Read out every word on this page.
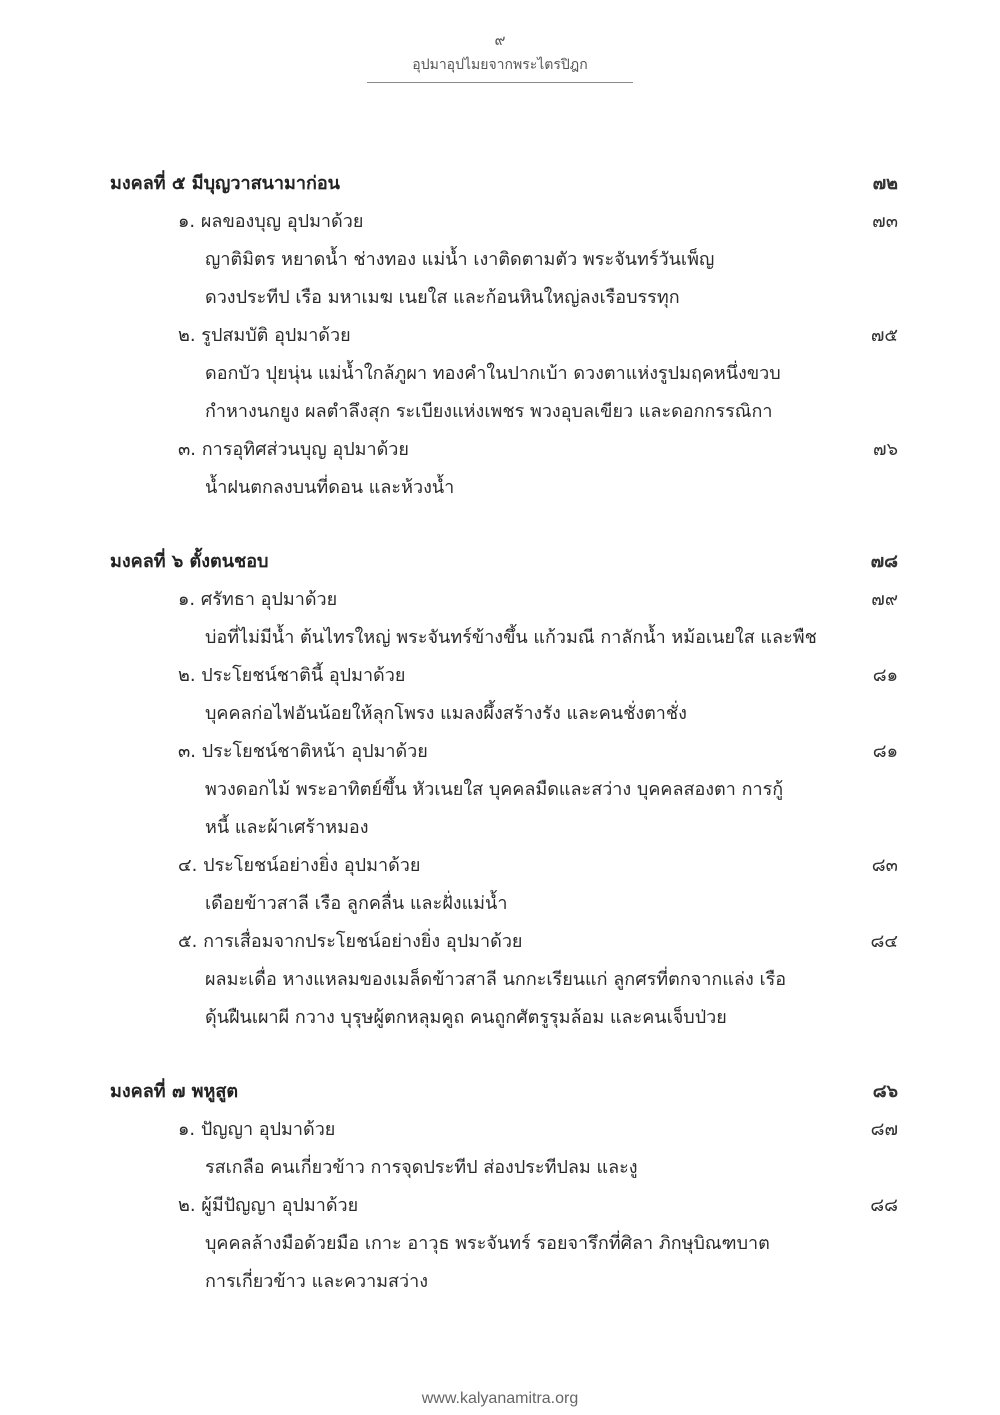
๙
อุปมาอุปไมยจากพระไตรปิฎก
มงคลที่ ๕ มีบุญวาสนามาก่อน	๗๒
๑. ผลของบุญ อุปมาด้วย	๗๓
ญาติมิตร หยาดน้ำ ช่างทอง แม่น้ำ เงาติดตามตัว พระจันทร์วันเพ็ญ
ดวงประทีป เรือ มหาเมฆ เนยใส และก้อนหินใหญ่ลงเรือบรรทุก
๒. รูปสมบัติ อุปมาด้วย	๗๕
ดอกบัว ปุยนุ่น แม่น้ำใกล้ภูผา ทองคำในปากเบ้า ดวงตาแห่งรูปมฤคหนึ่งขวบ
กำหางนกยูง ผลตำลึงสุก ระเบียงแห่งเพชร พวงอุบลเขียว และดอกกรรณิกา
๓. การอุทิศส่วนบุญ อุปมาด้วย	๗๖
น้ำฝนตกลงบนที่ดอน และห้วงน้ำ
มงคลที่ ๖ ตั้งตนชอบ	๗๘
๑. ศรัทธา อุปมาด้วย	๗๙
บ่อที่ไม่มีน้ำ ต้นไทรใหญ่ พระจันทร์ข้างขึ้น แก้วมณี กาลักน้ำ หม้อเนยใส และพืช
๒. ประโยชน์ชาตินี้ อุปมาด้วย	๘๑
บุคคลก่อไฟอันน้อยให้ลุกโพรง แมลงผึ้งสร้างรัง และคนชั่งตาชั่ง
๓. ประโยชน์ชาติหน้า อุปมาด้วย	๘๑
พวงดอกไม้ พระอาทิตย์ขึ้น หัวเนยใส บุคคลมืดและสว่าง บุคคลสองตา การกู้
หนี้ และผ้าเศร้าหมอง
๔. ประโยชน์อย่างยิ่ง อุปมาด้วย	๘๓
เดือยข้าวสาลี เรือ ลูกคลื่น และฝั่งแม่น้ำ
๕. การเสื่อมจากประโยชน์อย่างยิ่ง อุปมาด้วย	๘๔
ผลมะเดื่อ หางแหลมของเมล็ดข้าวสาลี นกกะเรียนแก่ ลูกศรที่ตกจากแล่ง เรือ
ดุ้นฝืนเผาผี กวาง บุรุษผู้ตกหลุมคูถ คนถูกศัตรูรุมล้อม และคนเจ็บป่วย
มงคลที่ ๗ พหูสูต	๘๖
๑. ปัญญา อุปมาด้วย	๘๗
รสเกลือ คนเกี่ยวข้าว การจุดประทีป ส่องประทีปลม และงู
๒. ผู้มีปัญญา อุปมาด้วย	๘๘
บุคคลล้างมือด้วยมือ เกาะ อาวุธ พระจันทร์ รอยจารึกที่ศิลา ภิกษุบิณฑบาต
การเกี่ยวข้าว และความสว่าง
www.kalyanamitra.org
